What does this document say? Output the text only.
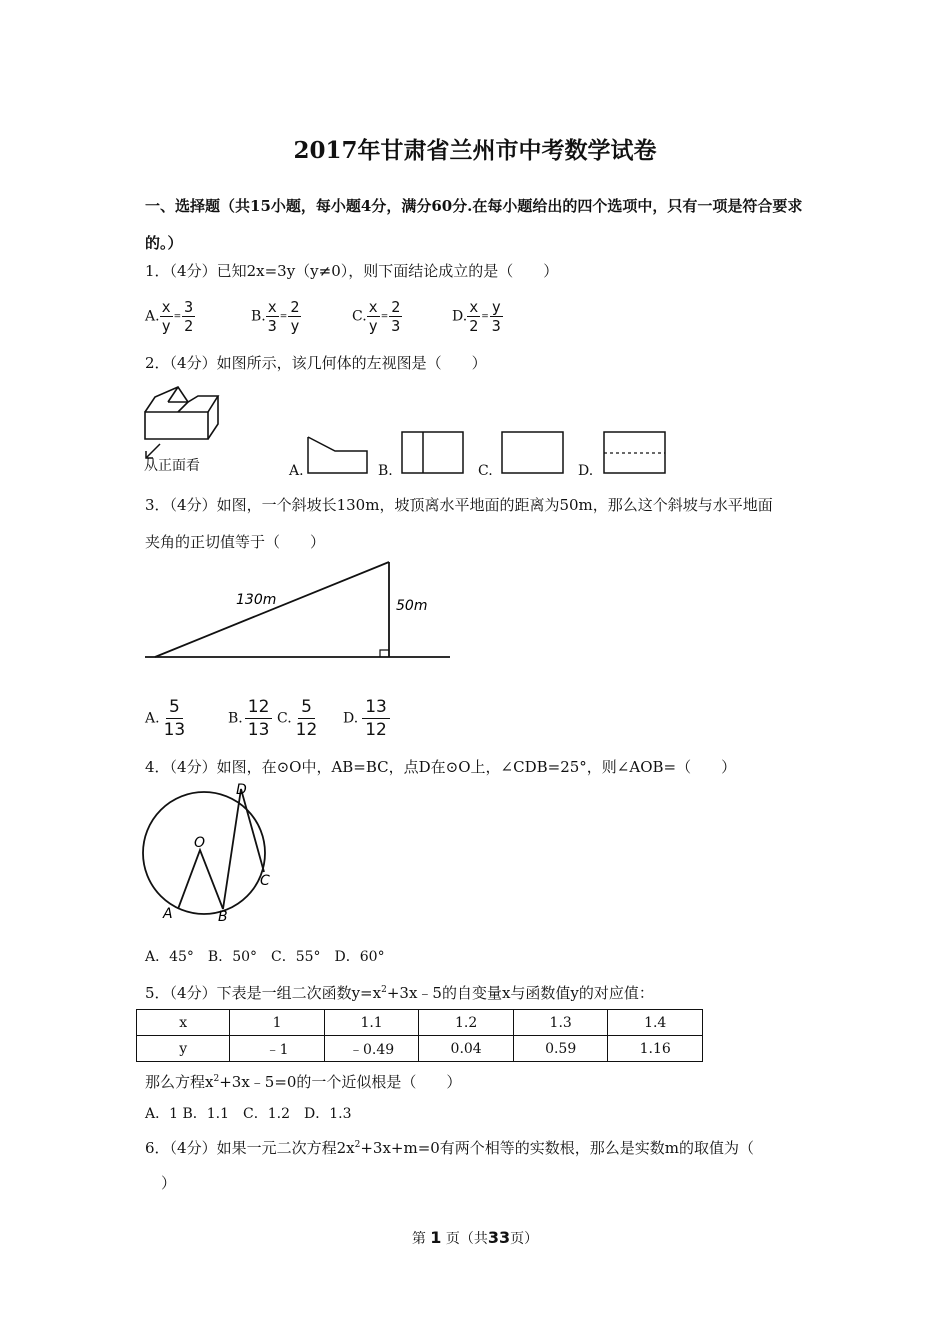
2017年甘肃省兰州市中考数学试卷
一、选择题（共15小题，每小题4分，满分60分.在每小题给出的四个选项中，只有一项是符合要求的。）
1．（4分）已知2x=3y（y≠0），则下面结论成立的是（　　）
A. $\frac{x}{y} = \frac{3}{2}$	B. $\frac{x}{3} = \frac{2}{y}$	C. $\frac{x}{y} = \frac{2}{3}$	D. $\frac{x}{2} = \frac{y}{3}$
2．（4分）如图所示，该几何体的左视图是（　　）
从正面看	A.	B.	C.	D.
3．（4分）如图，一个斜坡长130m，坡顶离水平地面的距离为50m，那么这个斜坡与水平地面
夹角的正切值等于（　　）
130m	50m
A. $\frac{5}{13}$	B. $\frac{12}{13} C$. $\frac{5}{12} D$. $\frac{13}{12}$
4．（4分）如图，在⊙O中，AB=BC，点D在⊙O上，∠CDB=25°，则∠AOB=（　　）
O
A	B
C
D
A．45°　B．50°　C．55°　D．60°
5．（4分）下表是一组二次函数$y=x^2+3x﹣5$的自变量x与函数值y的对应值：
x	1	1.1	1.2	1.3	1.4
y	﹣1	﹣0.49	0.04	0.59	1.16
那么方程$x^2+3x﹣5=0$的一个近似根是（　　）
A．1 B．1.1　C．1.2　D．1.3
6．（4分）如果一元二次方程$2x^2+3x+m=0$有两个相等的实数根，那么是实数m的取值为（
）
第 1 页（共33页）
